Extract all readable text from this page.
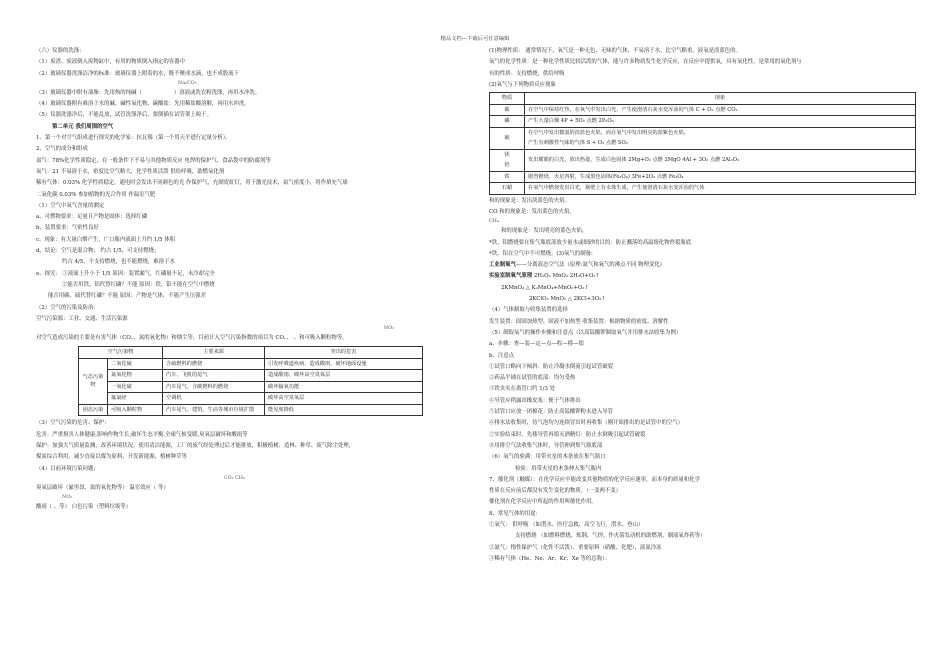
精品文档---下载后可任意编辑
（六）仪器的洗涤：
（1）废渣、废液倒入废物缸中，有用的物质倒入指定的容器中
（2）玻璃仪器洗涤洁净的标准：玻璃仪器上附着的水，既不聚成水滴，也不成股流下
Na₂CO₃
（3）玻璃仪器中附有油脂：先用热的纯碱（	）溶液或洗衣粉洗涤，再用水冲洗。
（4）玻璃仪器附有难溶于水的碱、碱性氧化物、碳酸盐：先用稀盐酸溶解，再用水冲洗。
（5）仪器洗涤净后，不能乱放，试管洗涤净后，要倒插在试管架上晾干。
第二单元 我们周围的空气
1、第一个对空气组成进行探究的化学家：拉瓦锡（第一个用天平进行定量分析）。
2、空气的成分和组成
氮气：78%化学性质稳定，在一般条件下不易与其他物质反应 电焊的保护气、食品袋中的防腐剂等
氧气：21 不易溶于水，密度比空气略大，化学性质活泼 供给呼吸，助燃氧化剂
稀有气体：0.03% 化学性质稳定，通电时会发出不同颜色的光 作保护气，充制霓虹灯，用于激光技术，氦气密度小，用作填充气球
二氧化碳 0.03% 参加植物的光合作用 作温室气肥
（1）空气中氧气含量的测定
a、可燃物要求：足量且产物是固体：选择红磷
b、装置要求：气密性良好
c、现象：有大量白烟产生，广口瓶内液面上升约 1/5 体积
d、结论：空气是混合物； 约占 1/5，可支持燃烧；
约占 4/5，不支持燃烧，也不能燃烧，难溶于水
e、探究： ①液面上升小于 1/5 原因：装置漏气，红磷量不足，未冷却完全
②能否用铁、铝代替红磷？不能 原因：铁、铝不能在空气中燃烧
能否用碳、硫代替红磷？不能 原因：产物是气体，不能产生压强差
（2）空气的污染及防治：
空气污染源：工业、交通、生活污染源
NO₂
对空气造成污染的主要是有害气体（CO、、氮的氧化物）和烟尘等。目前计入空气污染指数的项目为 CO、、 、和可吸入颗粒物等。
空气污染物		主要来源	突出的危害
气态污染物	二氧化硫	含硫燃料的燃烧	引发呼吸道疾病、造成酸雨、破坏地面设施
	氮氧化物	汽车、飞机的尾气	造成酸雨、破坏高空臭氧层
	一氧化碳	汽车尾气、含碳燃料的燃烧	破坏输氧功能
	氟氯烃	空调机	破坏高空臭氧层
固态污染	可吸入颗粒物	汽车尾气、建筑、生活等城市垃圾扩散	能见度降低
（3）空气污染的危害、保护：
危害：严重损害人体健康,影响作物生长,破坏生态平衡.全球气候变暖,臭氧层破坏和酸雨等
保护：加强大气质量监测，改善环境状况，使用清洁能源，工厂的废气经处理过后才能排放，积极植树、造林、种草、废气除尘处理，
煤炭综合利用，减少直接以煤为原料，开发新能源，植树种草等
（4）目前环境污染问题:
CO₂ CH₄
臭氧层破坏（氟里昂、氮的氧化物等） 温室效应（ 等）
NO₂
酸雨（ 、等） 白色污染（塑料垃圾等）
(1)物理性质： 通常情况下，氧气是一种无色、无味的气体，不易溶于水，比空气略重，液氧是淡蓝色的。
氧气的化学性质：是一种化学性质比较活泼的气体，能与许多物质发生化学反应，在反应中提供氧，具有氧化性，是常用的氧化剂与
有的性质：支持燃烧，供给呼吸
(2)氧气与下列物质反应现象
物质	现象
碳	在空气中保持红热，在氧气中发出白光，产生使澄清石灰水变浑浊的气体 C + O₂ 点燃 CO₂
磷	产生大量白烟 4P + 5O₂ 点燃 2P₂O₅
硫	在空气中发出微弱的淡蓝色火焰，而在氧气中发出明亮的蓝紫色火焰，
产生有刺激性气味的气体 S + O₂ 点燃 SO₂
镁
铝	发出耀眼的白光，放出热量，生成白色固体 2Mg+O₂ 点燃 2MgO 4Al + 3O₂ 点燃 2Al₂O₃
铁	剧烈燃烧，火星四射，生成黑色固体(Fe₃O₄) 3Fe+2O₂ 点燃 Fe₃O₄
石蜡	在氧气中燃烧发出白光，瓶壁上有水珠生成，产生使澄清石灰水变浑浊的气体
和的现象是：发出淡蓝色的火焰。
CO 和的现象是：发出蓝色的火焰。
CH₄
和的现象是：发出明亮的蓝色火焰。
*铁、铝燃烧要在集气瓶底部放少量水或细砂的目的：防止溅落的高温熔化物炸裂瓶底
*铁、铝在空气中不可燃烧。(3)氧气的制备:
工业制氧气——分离液态空气法（原理:氮气和氧气的沸点不同 物理变化）
实验室制氧气原理 2H₂O₂ MnO₂ 2H₂O+O₂↑
2KMnO₄ △ K₂MnO₄+MnO₂+O₂↑
2KClO₃ MnO₂ △ 2KCl+3O₂↑
（4）气体制取与收集装置的选择
发生装置：固固加热型、固液不加热型 收集装置：根据物质的密度、溶解性
（5）制取氧气的操作步骤和注意点（以高锰酸钾制取氧气并用排水法收集为例）
a、步骤：查—装—定—点—收—移—熄
b、注意点
①试管口略向下倾斜：防止冷凝水倒流引起试管破裂
②药品平铺在试管的底部：均匀受热
③铁夹夹在离管口约 1/3 处
④导管应稍露出橡皮塞：便于气体排出
⑤试管口应放一团棉花：防止高锰酸钾粉末进入导管
⑥排水法收集时，待气泡均匀连续冒出时再收集（刚开始排出的是试管中的空气）
⑦实验结束时，先移导管再熄灭酒精灯：防止水倒吸引起试管破裂
⑧用排空气法收集气体时，导管伸到集气瓶底部
（6）氧气的验满：用带火星的木条放在集气瓶口
检验：用带火星的木条伸入集气瓶内
7、催化剂（触媒）：在化学反应中能改变其他物质的化学反应速率，而本身的质量和化学
性质在反应前后都没有发生变化的物质。（一变两不变）
催化剂在化学反应中所起的作用叫催化作用。
8、常见气体的用途：
①氧气： 供呼吸 （如潜水、医疗急救、高空飞行，潜水、登山）
支持燃烧 （如燃料燃烧、炼钢、气焊、作火箭发动机的助燃剂，制液氧炸药等）
②氮气：惰性保护气（化性不活泼）、重要原料（硝酸、化肥）、液氮冷冻
③稀有气体（He、Ne、Ar、Kr、Xe 等的总称）：
